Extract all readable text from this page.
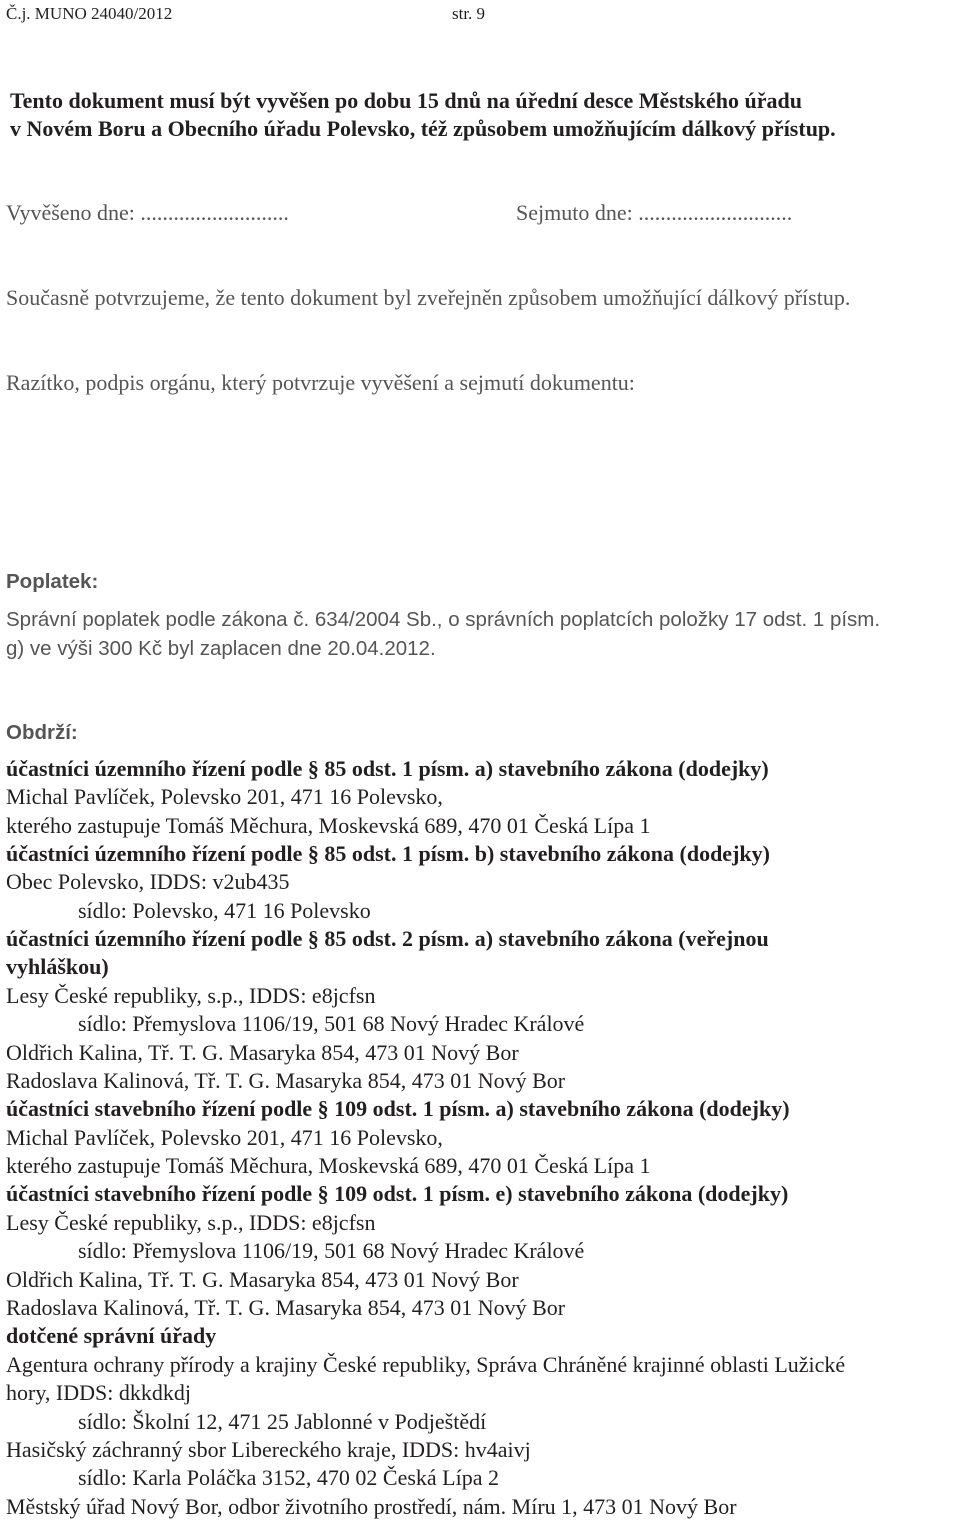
Č.j. MUNO 24040/2012	str. 9
Tento dokument musí být vyvěšen po dobu 15 dnů na úřední desce Městského úřadu
v Novém Boru a Obecního úřadu Polevsko, též způsobem umožňujícím dálkový přístup.
Vyvěšeno dne: ...........................	Sejmuto dne: ............................
Současně potvrzujeme, že tento dokument byl zveřejněn způsobem umožňující dálkový přístup.
Razítko, podpis orgánu, který potvrzuje vyvěšení a sejmutí dokumentu:
Poplatek:
Správní poplatek podle zákona č. 634/2004 Sb., o správních poplatcích položky 17 odst. 1 písm.
g) ve výši 300 Kč byl zaplacen dne 20.04.2012.
Obdrží:
účastníci územního řízení podle § 85 odst. 1 písm. a) stavebního zákona (dodejky)
Michal Pavlíček, Polevsko 201, 471 16 Polevsko,
kterého zastupuje Tomáš Měchura, Moskevská 689, 470 01 Česká Lípa 1
účastníci územního řízení podle § 85 odst. 1 písm. b) stavebního zákona (dodejky)
Obec Polevsko, IDDS: v2ub435
sídlo: Polevsko, 471 16 Polevsko
účastníci územního řízení podle § 85 odst. 2 písm. a) stavebního zákona (veřejnou
vyhláškou)
Lesy České republiky, s.p., IDDS: e8jcfsn
sídlo: Přemyslova 1106/19, 501 68 Nový Hradec Králové
Oldřich Kalina, Tř. T. G. Masaryka 854, 473 01 Nový Bor
Radoslava Kalinová, Tř. T. G. Masaryka 854, 473 01 Nový Bor
účastníci stavebního řízení podle § 109 odst. 1 písm. a) stavebního zákona (dodejky)
Michal Pavlíček, Polevsko 201, 471 16 Polevsko,
kterého zastupuje Tomáš Měchura, Moskevská 689, 470 01 Česká Lípa 1
účastníci stavebního řízení podle § 109 odst. 1 písm. e) stavebního zákona (dodejky)
Lesy České republiky, s.p., IDDS: e8jcfsn
sídlo: Přemyslova 1106/19, 501 68 Nový Hradec Králové
Oldřich Kalina, Tř. T. G. Masaryka 854, 473 01 Nový Bor
Radoslava Kalinová, Tř. T. G. Masaryka 854, 473 01 Nový Bor
dotčené správní úřady
Agentura ochrany přírody a krajiny České republiky, Správa Chráněné krajinné oblasti Lužické
hory, IDDS: dkkdkdj
sídlo: Školní 12, 471 25 Jablonné v Podještědí
Hasičský záchranný sbor Libereckého kraje, IDDS: hv4aivj
sídlo: Karla Poláčka 3152, 470 02 Česká Lípa 2
Městský úřad Nový Bor, odbor životního prostředí, nám. Míru 1, 473 01 Nový Bor
